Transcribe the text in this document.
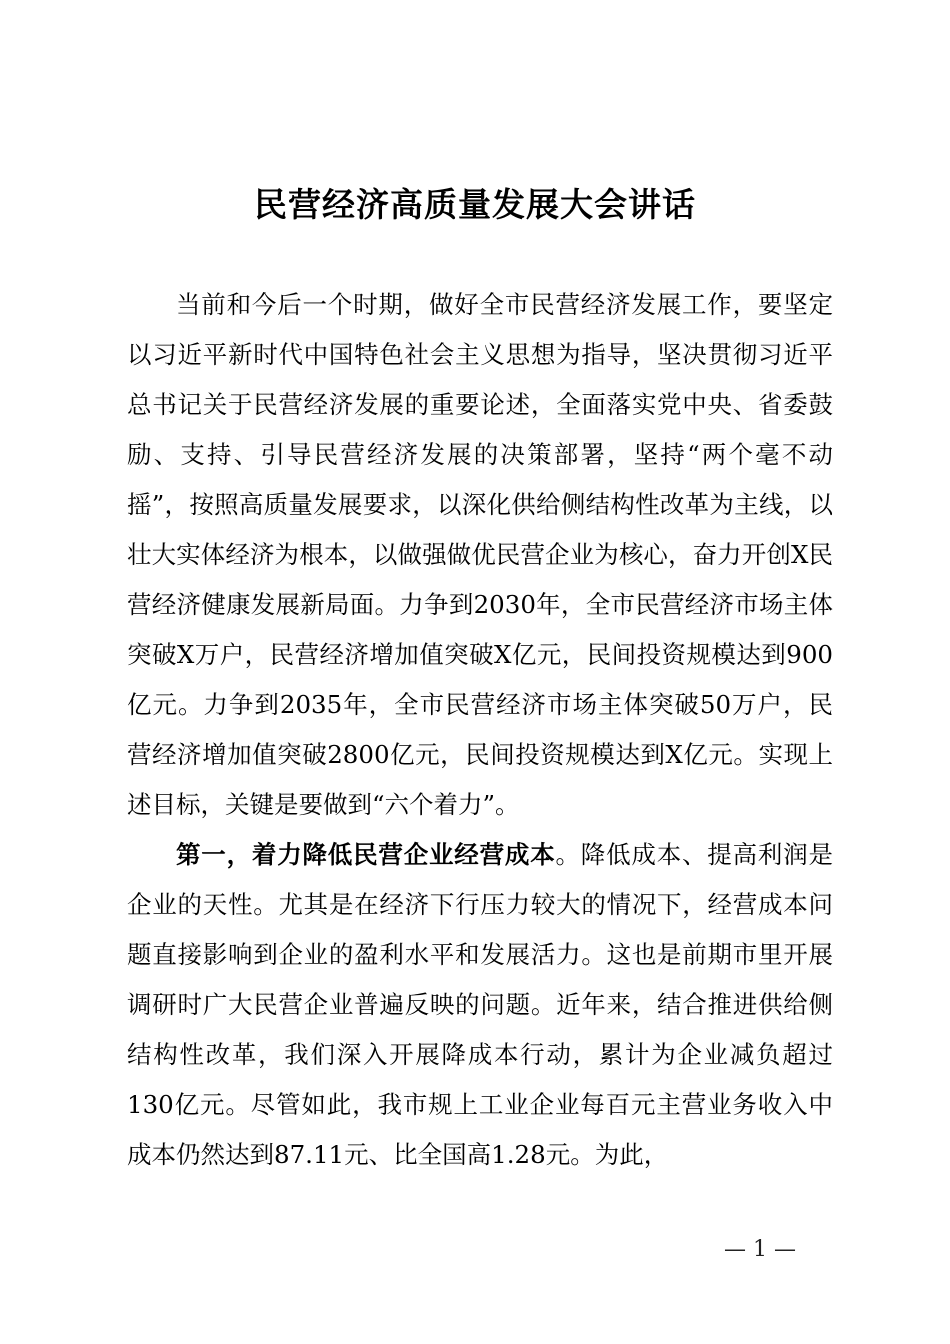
民营经济高质量发展大会讲话

当前和今后一个时期，做好全市民营经济发展工作，要坚定以习近平新时代中国特色社会主义思想为指导，坚决贯彻习近平总书记关于民营经济发展的重要论述，全面落实党中央、省委鼓励、支持、引导民营经济发展的决策部署，坚持“两个毫不动摇”，按照高质量发展要求，以深化供给侧结构性改革为主线，以壮大实体经济为根本，以做强做优民营企业为核心，奋力开创X民营经济健康发展新局面。力争到2030年，全市民营经济市场主体突破X万户，民营经济增加值突破X亿元，民间投资规模达到900亿元。力争到2035年，全市民营经济市场主体突破50万户，民营经济增加值突破2800亿元，民间投资规模达到X亿元。实现上述目标，关键是要做到“六个着力”。

第一，着力降低民营企业经营成本。降低成本、提高利润是企业的天性。尤其是在经济下行压力较大的情况下，经营成本问题直接影响到企业的盈利水平和发展活力。这也是前期市里开展调研时广大民营企业普遍反映的问题。近年来，结合推进供给侧结构性改革，我们深入开展降成本行动，累计为企业减负超过130亿元。尽管如此，我市规上工业企业每百元主营业务收入中成本仍然达到87.11元、比全国高1.28元。为此，

— 1 —
